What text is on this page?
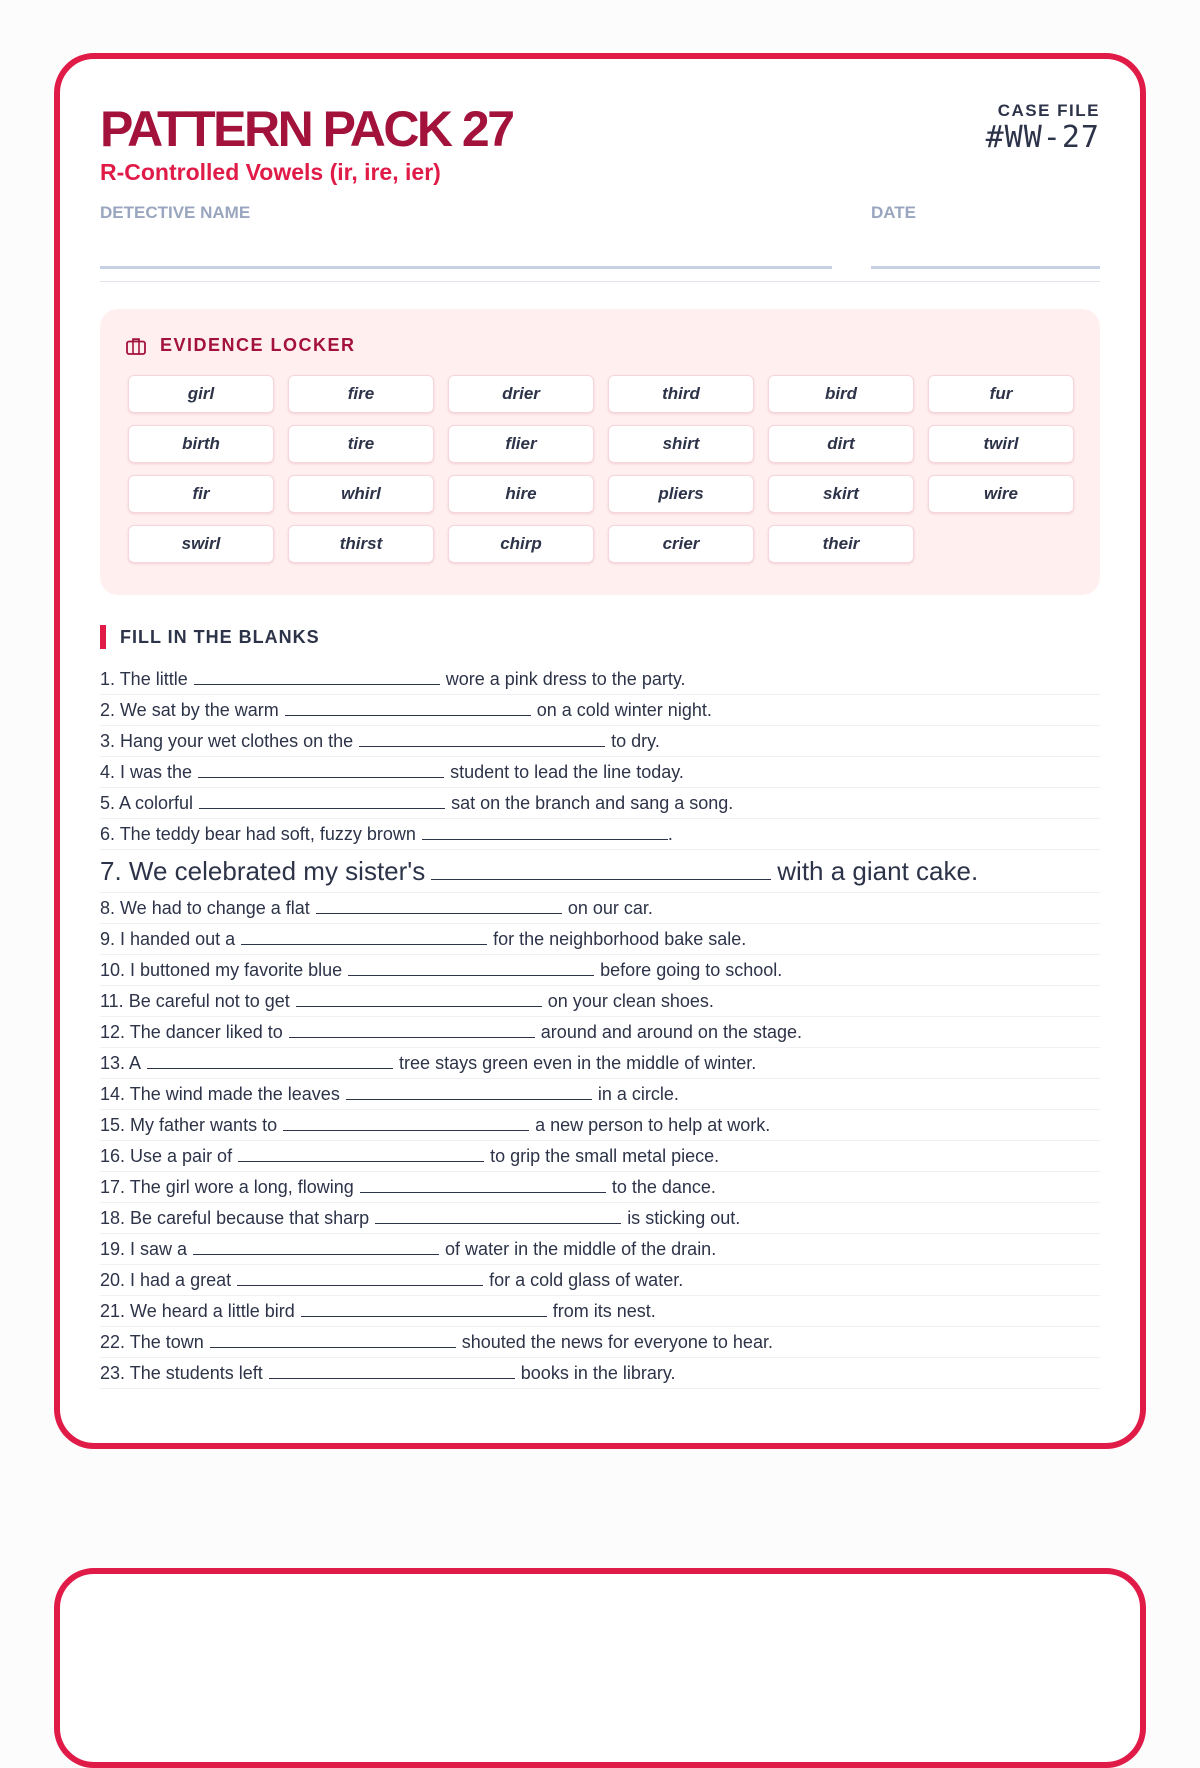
PATTERN PACK 27
R-Controlled Vowels (ir, ire, ier)
CASE FILE
#WW-27
DETECTIVE NAME	DATE
EVIDENCE LOCKER
girl	fire	drier	third	bird	fur
birth	tire	flier	shirt	dirt	twirl
fir	whirl	hire	pliers	skirt	wire
swirl	thirst	chirp	crier	their
FILL IN THE BLANKS
1. The little	wore a pink dress to the party.
2. We sat by the warm	on a cold winter night.
3. Hang your wet clothes on the	to dry.
4. I was the	student to lead the line today.
5. A colorful	sat on the branch and sang a song.
6. The teddy bear had soft, fuzzy brown	.
7. We celebrated my sister's	with a giant cake.
8. We had to change a flat	on our car.
9. I handed out a	for the neighborhood bake sale.
10. I buttoned my favorite blue	before going to school.
11. Be careful not to get	on your clean shoes.
12. The dancer liked to	around and around on the stage.
13. A	tree stays green even in the middle of winter.
14. The wind made the leaves	in a circle.
15. My father wants to	a new person to help at work.
16. Use a pair of	to grip the small metal piece.
17. The girl wore a long, flowing	to the dance.
18. Be careful because that sharp	is sticking out.
19. I saw a	of water in the middle of the drain.
20. I had a great	for a cold glass of water.
21. We heard a little bird	from its nest.
22. The town	shouted the news for everyone to hear.
23. The students left	books in the library.
